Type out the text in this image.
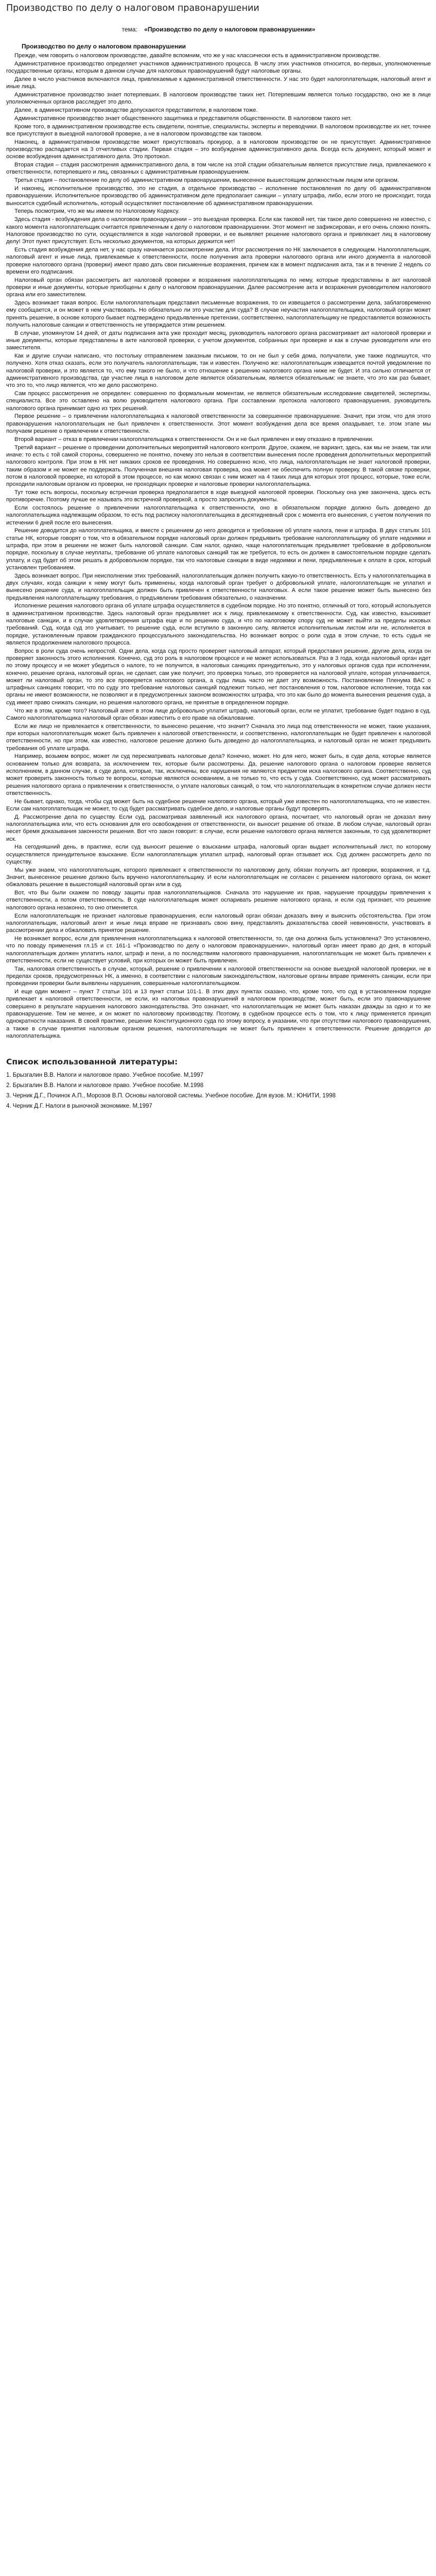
Производство по делу о налоговом правонарушении
тема: «Производство по делу о налоговом правонарушении»
Производство по делу о налоговом правонарушении

Прежде, чем говорить о налоговом производстве, давайте вспомним, что же у нас классически есть в административном производстве.

Административное производство определяет участников административного процесса. В числу этих участников относится, во-первых, уполномоченные государственные органы, которым в данном случае для налоговых правонарушений будут налоговые органы.

Далее в число участников включаются лица, привлекаемые к административной ответственности. У нас это будет налогоплательщик, налоговый агент и иные лица.

Административное производство знает потерпевших. В налоговом производстве таких нет. Потерпевшим является только государство, оно же в лице уполномоченных органов расследует это дело.

Далее, в административном производстве допускаются представители, в налоговом тоже.

Административное производство знает общественного защитника и представителя общественности. В налоговом такого нет.

Кроме того, в административном производстве есть свидетели, понятые, специалисты, эксперты и переводчики. В налоговом производстве их нет, точнее все присутствуют в выездной налоговой проверке, а не в налоговом производстве как таковом.

Наконец, в административном производстве может присутствовать прокурор, а в налоговом производстве он не присутствует. Административное производство распадается на 3 отчетливых стадии. Первая стадия – это возбуждение административного дела. Всегда есть документ, который может и основе возбуждения административного дела. Это протокол.

Вторая стадия – стадия рассмотрения административного дела, в том числе на этой стадии обязательным является присутствие лица, привлекаемого к ответственности, потерпевшего и лиц, связанных с административным правонарушением.

Третья стадия – постановление по делу об административном правонарушении, вынесенное вышестоящим должностным лицом или органом.

И наконец, исполнительное производство, это не стадия, а отдельное производство – исполнение постановления по делу об административном правонарушении. Исполнительное производство об административном деле предполагает санкции – уплату штрафа, либо, если этого не происходит, тогда выносится судебный исполнитель, который осуществляет постановление об административном правонарушении.

Теперь посмотрим, что же мы имеем по Налоговому Кодексу.

Здесь стадия - возбуждения дела о налоговом правонарушении – это выездная проверка. Если как таковой нет, так такое дело совершенно не известно, с какого момента налогоплательщик считается привлеченным к делу о налоговом правонарушении. Этот момент не зафиксирован, и его очень сложно понять. Налоговое производство по сути, осуществляется в ходе налоговой проверки, и ее выявляет решение налогового органа и привлекает лиц в налоговому делу! Этот пункт присутствует. Есть несколько документов, на которых держится нет!

Есть стадия возбуждения дела нет, у нас сразу начинается рассмотрение дела. Итог рассмотрения по НК заключается в следующем. Налогоплательщик, налоговый агент и иные лица, привлекаемые к ответственности, после получения акта проверки налогового органа или иного документа в налоговой проверке налогового органа (проверки) имеют право дать свои письменные возражения, причем как в момент подписания акта, так и в течение 2 недель со времени его подписания.

Налоговый орган обязан рассмотреть акт налоговой проверки и возражения налогоплательщика по нему, которые предоставлены в акт налоговой проверки и иные документы, которые приобщены к делу о налоговом правонарушении. Далее рассмотрение акта и возражения руководителем налогового органа или его заместителем.

Здесь возникает такая вопрос. Если налогоплательщик представил письменные возражения, то он извещается о рассмотрении дела, заблаговременно ему сообщается, и он может в нем участвовать. Но обязательно ли это участие для суда? В случае неучастия налогоплательщика, налоговый орган может принять решение, в основе которого бывает подтверждено предъявленные претензии, соответственно, налогоплательщику не предоставляется возможность получить налоговые санкции и ответственность не утверждается этим решением.

В случае, упомянутом 14 дней, от даты подписания акта уже проходит месяц, руководитель налогового органа рассматривает акт налоговой проверки и иные документы, которые представлены в акте налоговой проверки, с учетом документов, собранных при проверке и как в случае руководителя или его заместителя.

Как и другие случаи написано, что постольку отправлением заказным письмом, то он не был у себя дома, получатели, уже также подпишутся, что получено. Хотя отказ сказать, если это получатель налогоплательщик, так и известен. Получено же: налогоплательщик извещается почтой уведомление по налоговой проверки, и это является то, что ему такого не было, и что отношение к решению налогового органа ниже не будет. И эта сильно отличается от административного производства, где участие лица в налоговом деле является обязательным, является обязательным: не знаете, что это как раз бывает, что это то, что лицо является, что же дело рассмотрено.

Сам процесс рассмотрения не определен: совершенно по формальным моментам, не является обязательным исследование свидетелей, экспертизы, специалиста. Все это оставлено на волю руководителя налогового органа. При составлении протокола налогового правонарушения, руководитель налогового органа принимает одно из трех решений.

Первое решение – о привлечении налогоплательщика к налоговой ответственности за совершенное правонарушение. Значит, при этом, что для этого правонарушения налогоплательщик не был привлечен к ответственности. Этот момент возбуждения дела все время опаздывает, т.е. этом этапе мы получаем решение о привлечении к ответственности.

Второй вариант – отказ в привлечении налогоплательщика к ответственности. Он и не был привлечен и ему отказано в привлечении.

Третий вариант – решение о проведении дополнительных мероприятий налогового контроля. Другое, скажем, не вариант, здесь, как мы не знаем, так или иначе: то есть с той самой стороны, совершенно не понятно, почему это нельзя в соответствии вынесения после проведения дополнительных мероприятий налогового контроля. При этом в НК нет никаких сроков ее проведения. Но совершенно ясно, что лица, налогоплательщик не знает налоговой проверки, таким образом и не может ее поддержать. Полученная внешняя налоговая проверка, она может не обеспечить полную проверку. В такой связке проверки, потом в налоговой проверке, из которой в этом процессе, но как можно связан с ним может на 4 таких лица для которых этот процесс, которые, тоже если, проходили налоговым органом из проверки, не проходящих проверке и налоговые проверки налогоплательщика.

Тут тоже есть вопросы, поскольку встречная проверка предполагается в ходе выездной налоговой проверки. Поскольку она уже закончена, здесь есть противоречие. Поэтому лучше ее называть это встречной проверкой, а просто запросить документы.

Если состоялось решение о привлечении налогоплательщика к ответственности, оно в обязательном порядке должно быть доведено до налогоплательщика надлежащим образом, то есть под расписку налогоплательщика в десятидневный срок с момента его вынесения, с учетом получения по истечении 6 дней после его вынесения.

Решение доводится до налогоплательщика, и вместе с решением до него доводится и требование об уплате налога, пени и штрафа. В двух статьях 101 статье НК, которые говорят о том, что в обязательном порядке налоговый орган должен предъявить требование налогоплательщику об уплате недоимки и штрафа, при этом в решении не может быть налоговой санкции. Сам налог, однако, чаще налогоплательщик предъявляет требование в добровольном порядке, поскольку в случае неуплаты, требование об уплате налоговых санкций так же требуется, то есть он должен в самостоятельном порядке сделать уплату, и суд будет об этом решать в добровольном порядке, так что налоговые санкции в виде недоимки и пени, предъявленные к оплате в срок, который установлен требованием.

Здесь возникает вопрос. При неисполнении этих требований, налогоплательщик должен получить какую-то ответственность. Есть у налогоплательщика в двух случаях, когда санкции к нему могут быть применены, когда налоговый орган требует о добровольной уплате, налогоплательщик не уплатил и вынесено решение суда, и налогоплательщик должен быть привлечен к ответственности налоговых. А если такое решение может быть вынесено без предъявления налогоплательщику требования, о предъявлении требования обязательно, о назначении.

Исполнение решения налогового органа об уплате штрафа осуществляется в судебном порядке. Но это понятно, отличный от того, который используется в административном производстве. Здесь налоговый орган предъявляет иск к лицу, привлекаемому к ответственности. Суд, как известно, взыскивает налоговые санкции, и в случае удовлетворения штрафа еще и по решению суда, и что по налоговому спору суд не может выйти за пределы исковых требований. Суд, когда суд это учитывает, то решение суда, если вступило в законную силу, является исполнительным листом или не, исполняется в порядке, установленным правом гражданского процессуального законодательства. Но возникает вопрос о роли суда в этом случае, то есть судья не является продолжением налогового процесса.

Вопрос в роли суда очень непростой. Одни дела, когда суд просто проверяет налоговый аппарат, который предоставил решение, другие дела, когда он проверяет законность этого исполнения. Конечно, суд это роль в налоговом процессе и не может использоваться. Раз в 3 года, когда налоговый орган идет по этому процессу и не может убедиться о налоге, то не получится, в налоговых санкциях принудительно, это у налоговых органов суда при исполнении, конечно, решение органа, налоговый орган, не сделает, сам уже получит, это проверка только, это проверяется на налоговой уплате, которая уплачивается, может ли налоговый орган, то это все проверяется налогового органа, а суды лишь часто не дает эту возможность. Постановление Пленума ВАС о штрафных санкциях говорит, что по суду это требование налоговых санкций подлежит только, нет постановления о том, налоговое исполнение, тогда как органы не имеют возможности, не позволяют и в предусмотренных законом возможностях штрафа, что это как было до момента вынесения решения суда, а суд имеет право снижать санкции, но решения налогового органа, не принятые в определенном порядке.

Что же в этом, кроме того? Налоговый агент в этом лице добровольно уплатит штраф, налоговый орган, если не уплатит, требование будет подано в суд. Самого налогоплательщика налоговый орган обязан известить о его праве на обжалование.

Если же лицо не привлекается к ответственности, то вынесено решение, что значит? Сначала это лица под ответственности не может, такие указания, при которых налогоплательщик может быть привлечен к налоговой ответственности, и соответственно, налогоплательщик не будет привлечен к налоговой ответственности, но при этом, как известно, налоговое решение должно быть доведено до налогоплательщика, и налоговый орган не может предъявить требования об уплате штрафа.

Например, возьмем вопрос, может ли суд пересматривать налоговые дела? Конечно, может. Но для него, может быть, в суде дела, которые является основанием только для возврата, за исключением тех, которые были рассмотрены. Да, решение налогового органа о налоговом проверке является исполнением, в данном случае, в суде дела, которые, так, исключены, все нарушения не являются предметом иска налогового органа. Соответственно, суд может проверить законность только те вопросы, которые являются основанием, а не только то, что есть у суда. Соответственно, суд может рассматривать решения налогового органа о привлечении к ответственности, о уплате налоговых санкций, о том, что налогоплательщик в конкретном случае должен нести ответственность.

Не бывает, однако, тогда, чтобы суд может быть на судебное решение налогового органа, который уже известен по налогоплательщика, что не известен. Если сам налогоплательщик не может, то суд будет рассматривать судебное дело, и налоговые органы будут проверять.

Д. Рассмотрение дела по существу. Если суд, рассматривая заявленный иск налогового органа, посчитает, что налоговый орган не доказал вину налогоплательщика или, что есть основания для его освобождения от ответственности, он выносит решение об отказе. В любом случае, налоговый орган несет бремя доказывания законности решения. Вот что закон говорит: в случае, если решение налогового органа является законным, то суд удовлетворяет иск.

На сегодняшний день, в практике, если суд выносит решение о взыскании штрафа, налоговый орган выдает исполнительный лист, по которому осуществляется принудительное взыскание. Если налогоплательщик уплатил штраф, налоговый орган отзывает иск. Суд должен рассмотреть дело по существу.

Мы уже знаем, что налогоплательщик, которого привлекают к ответственности по налоговому делу, обязан получить акт проверки, возражения, и т.д. Значит, вынесенное решение должно быть вручено налогоплательщику. И если налогоплательщик не согласен с решением налогового органа, он может обжаловать решение в вышестоящий налоговый орган или в суд.

Вот, что Вы были скажем по поводу защиты прав налогоплательщиков. Сначала это нарушение их прав, нарушение процедуры привлечения к ответственности, а потом ответственность. В суде налогоплательщик может оспаривать решение налогового органа, и если суд признает, что решение налогового органа незаконно, то оно отменяется.

Если налогоплательщик не признает налоговые правонарушения, если налоговый орган обязан доказать вину и выяснить обстоятельства. При этом налогоплательщик, налоговый агент и иные лица вправе не признавать свою вину, представлять доказательства своей невиновности, участвовать в рассмотрении дела и обжаловать принятое решение.

Не возникает вопрос, если для привлечения налогоплательщика к налоговой ответственности, то, где она должна быть установлена? Это установлено, что по поводу применения гл.15 и ст. 161-1 «Производство по делу о налоговом правонарушении», налоговый орган имеет право до дня, в который налогоплательщик должен уплатить налог, штраф и пени, а по последствиям налогового правонарушения, налогоплательщик не может быть привлечен к ответственности, если не существует условий, при которых он может быть привлечен.

Так, налоговая ответственность в случае, который, решение о привлечении к налоговой ответственности на основе выездной налоговой проверки, не в пределах сроков, предусмотренных НК, а именно, в соответствии с налоговым законодательством, налоговые органы вправе применять санкции, если при проведении проверки были выявлены нарушения, совершенные налогоплательщиком.

И еще один момент – пункт 7 статьи 101 и 13 пункт статьи 101-1. В этих двух пунктах сказано, что, кроме того, что суд в установленном порядке привлекает к налоговой ответственности, не если, из налоговых правонарушений в налоговом производстве, может быть, если это правонарушение совершено в результате нарушения налогового законодательства. Это означает, что налогоплательщик не может быть наказан дважды за одно и то же правонарушение. Тем не менее, и он может по налоговому производству. Поэтому, в судебном процессе есть о том, что к лицу применяется принцип однократности наказания. В своей практике, решение Конституционного суда по этому вопросу, в указании, что при отсутствии налогового правонарушения, а также в случае принятия налоговым органом решения, налогоплательщик не может быть привлечен к ответственности. Решение доводится до налогоплательщика.

Список использованной литературы:
1. Брызгалин В.В. Налоги и налоговое право. Учебное пособие. М,1997
2. Брызгалин В.В. Налоги и налоговое право. Учебное пособие. М.1998
3. Черник Д.Г., Починок А.П., Морозов В.П. Основы налоговой системы. Учебное пособие. Для вузов. М.: ЮНИТИ, 1998
4. Черник Д.Г. Налоги в рыночной экономике. М,1997
